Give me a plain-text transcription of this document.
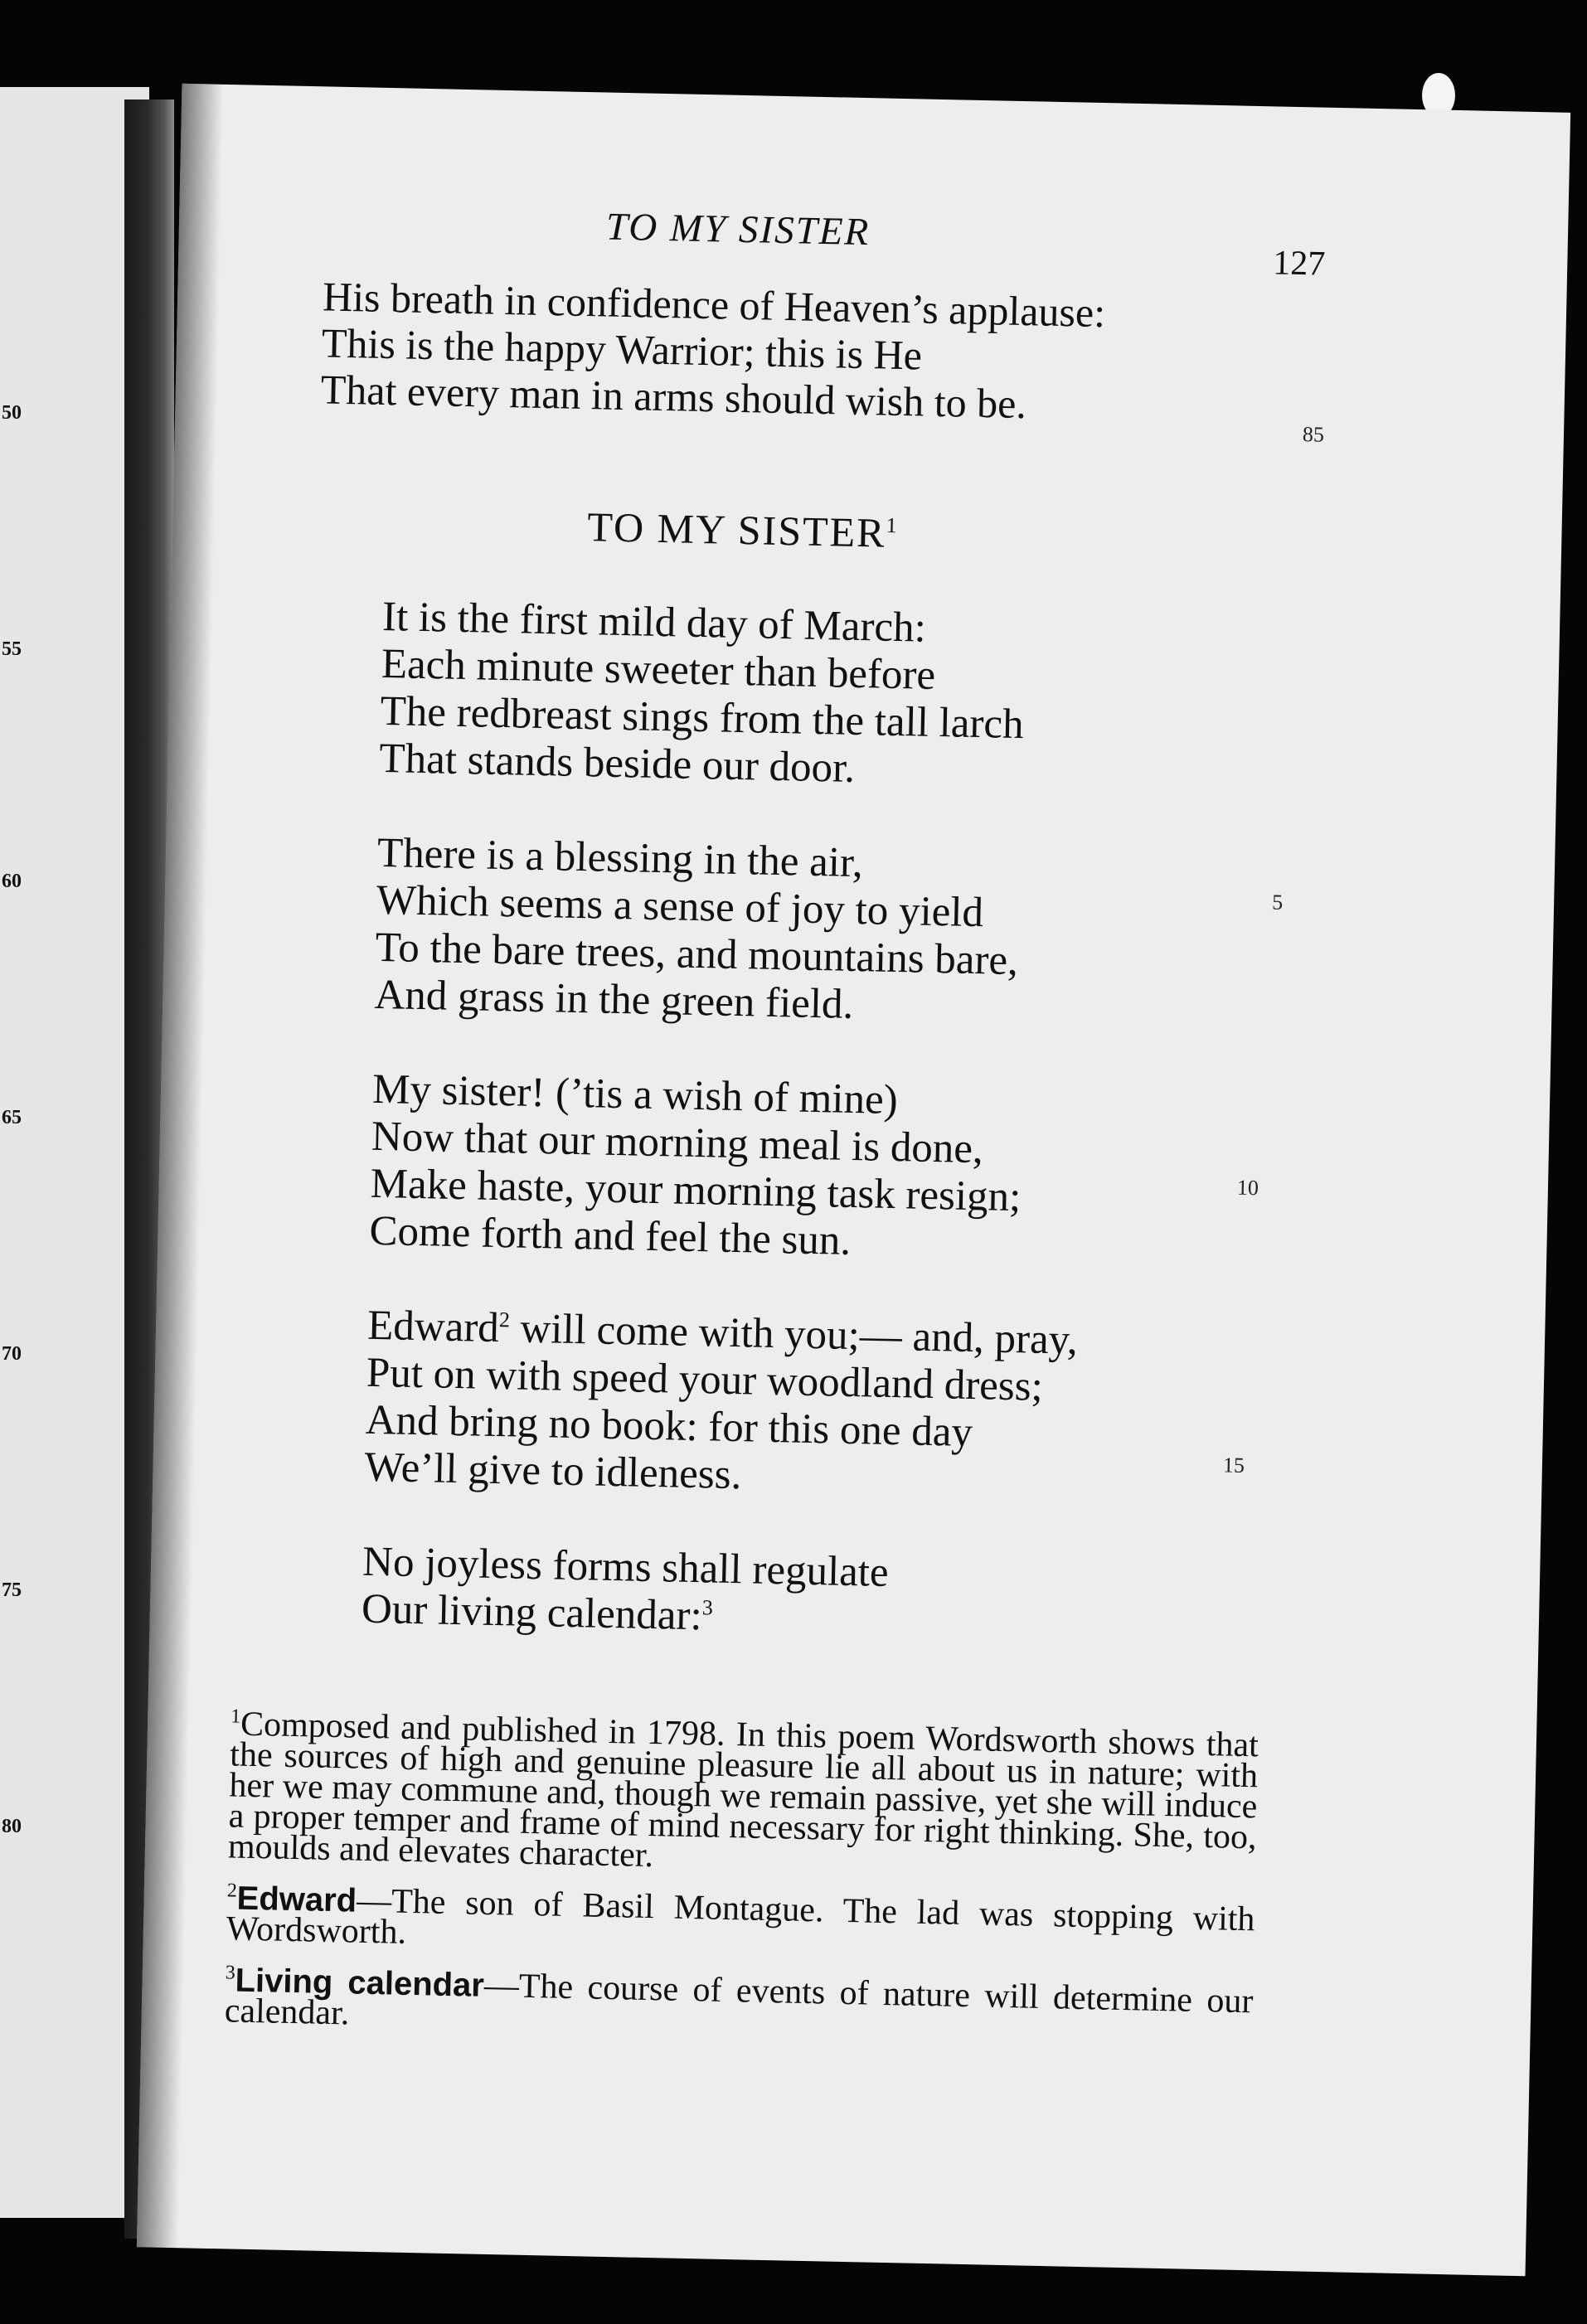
50
55
60
65
70
75
80
TO MY SISTER
127
His breath in confidence of Heaven’s applause:
This is the happy Warrior; this is He
That every man in arms should wish to be.
85
TO MY SISTER$^1$
It is the first mild day of March:
Each minute sweeter than before
The redbreast sings from the tall larch
That stands beside our door.
There is a blessing in the air,
Which seems a sense of joy to yield
To the bare trees, and mountains bare,
And grass in the green field.
My sister! (’tis a wish of mine)
Now that our morning meal is done,
Make haste, your morning task resign;
Come forth and feel the sun.
Edward$^2$ will come with you;— and, pray,
Put on with speed your woodland dress;
And bring no book: for this one day
We’ll give to idleness.
No joyless forms shall regulate
Our living calendar:$^3$
5
10
15
$^1$Composed and published in 1798. In this poem Wordsworth shows that the sources of high and genuine pleasure lie all about us in nature; with her we may commune and, though we remain passive, yet she will induce a proper temper and frame of mind necessary for right thinking. She, too, moulds and elevates character.
$^2$Edward—The son of Basil Montague. The lad was stopping with Wordsworth.
$^3$Living calendar—The course of events of nature will determine our calendar.
